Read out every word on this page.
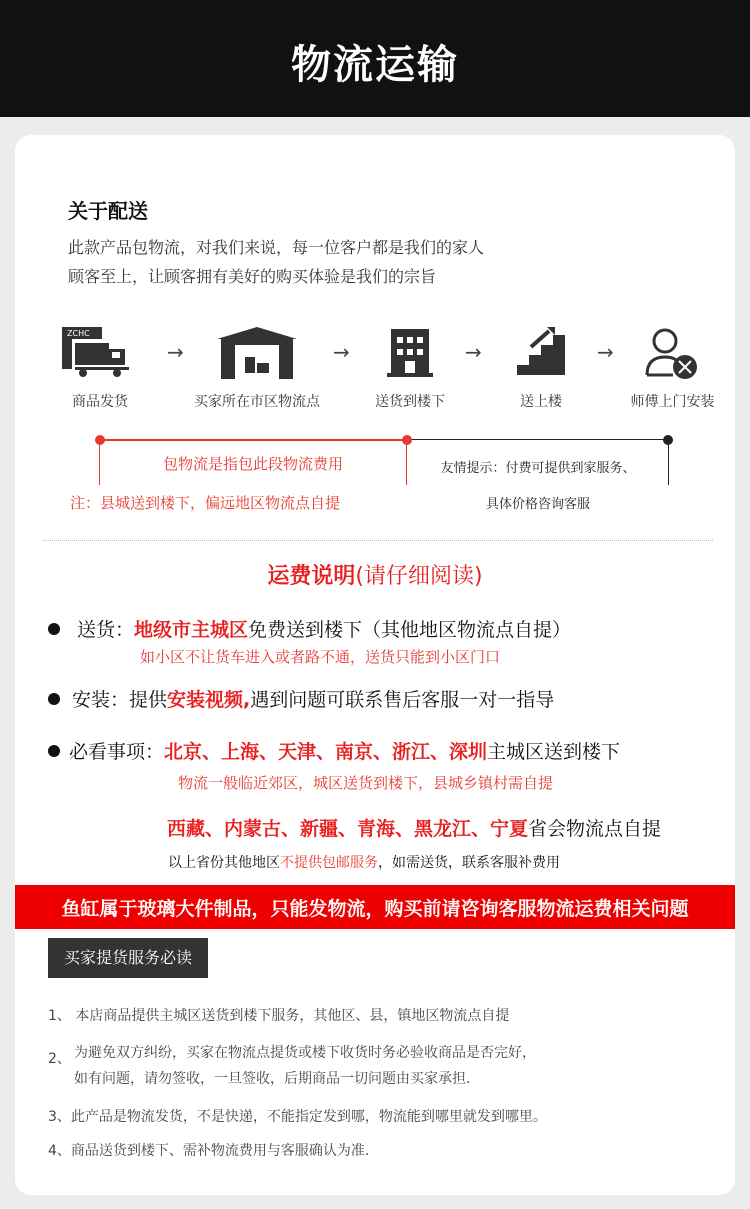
物流运输
关于配送
此款产品包物流，对我们来说，每一位客户都是我们的家人
顾客至上，让顾客拥有美好的购买体验是我们的宗旨
ZCHC
→	→	→	→
商品发货	买家所在市区物流点	送货到楼下	送上楼	师傅上门安装
包物流是指包此段物流费用	友情提示：付费可提供到家服务、
具体价格咨询客服
注：县城送到楼下，偏远地区物流点自提
运费说明(请仔细阅读)
送货：地级市主城区免费送到楼下（其他地区物流点自提）
如小区不让货车进入或者路不通，送货只能到小区门口
安装：提供安装视频,遇到问题可联系售后客服一对一指导
必看事项：北京、上海、天津、南京、浙江、深圳主城区送到楼下
物流一般临近郊区，城区送货到楼下，县城乡镇村需自提
西藏、内蒙古、新疆、青海、黑龙江、宁夏省会物流点自提
以上省份其他地区不提供包邮服务，如需送货，联系客服补费用
鱼缸属于玻璃大件制品，只能发物流，购买前请咨询客服物流运费相关问题
买家提货服务必读
1、 本店商品提供主城区送货到楼下服务，其他区、县，镇地区物流点自提
2、 为避免双方纠纷，买家在物流点提货或楼下收货时务必验收商品是否完好，
如有问题，请勿签收，一旦签收，后期商品一切问题由买家承担.
3、此产品是物流发货，不是快递，不能指定发到哪，物流能到哪里就发到哪里。
4、商品送货到楼下、需补物流费用与客服确认为准.
